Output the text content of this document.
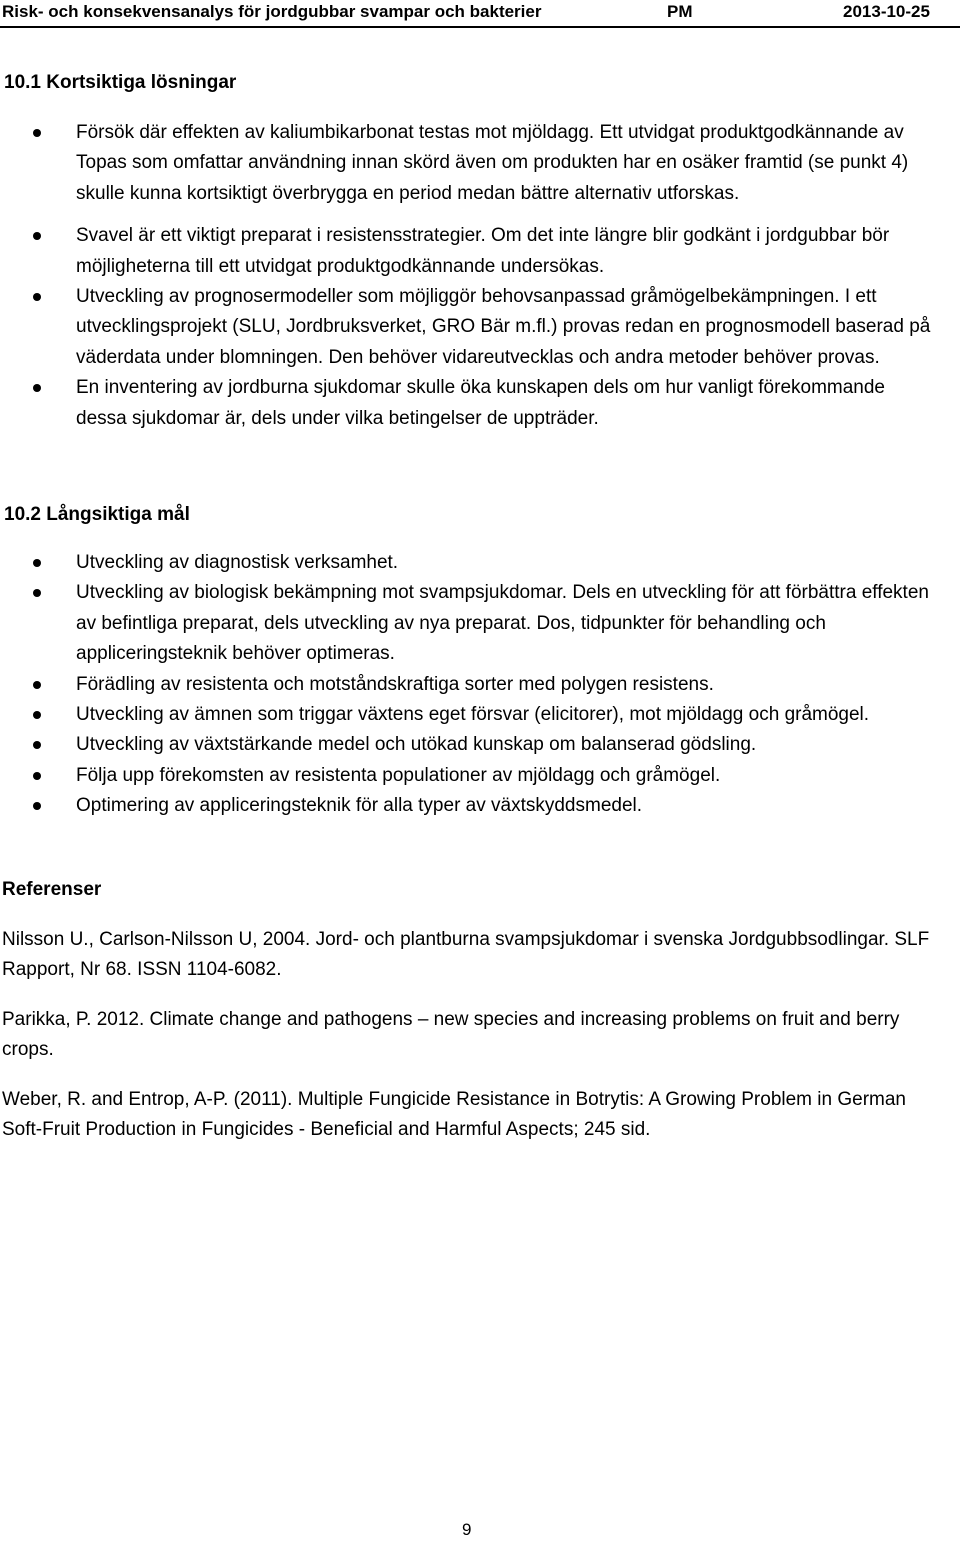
Risk- och konsekvensanalys för jordgubbar svampar och bakterier	PM	2013-10-25
10.1 Kortsiktiga lösningar
Försök där effekten av kaliumbikarbonat testas mot mjöldagg. Ett utvidgat produktgodkännande av Topas som omfattar användning innan skörd även om produkten har en osäker framtid (se punkt 4) skulle kunna kortsiktigt överbrygga en period medan bättre alternativ utforskas.
Svavel är ett viktigt preparat i resistensstrategier. Om det inte längre blir godkänt i jordgubbar bör möjligheterna till ett utvidgat produktgodkännande undersökas.
Utveckling av prognosermodeller som möjliggör behovsanpassad gråmögelbekämpningen. I ett utvecklingsprojekt (SLU, Jordbruksverket, GRO Bär m.fl.) provas redan en prognosmodell baserad på väderdata under blomningen. Den behöver vidareutvecklas och andra metoder behöver provas.
En inventering av jordburna sjukdomar skulle öka kunskapen dels om hur vanligt förekommande dessa sjukdomar är, dels under vilka betingelser de uppträder.
10.2 Långsiktiga mål
Utveckling av diagnostisk verksamhet.
Utveckling av biologisk bekämpning mot svampsjukdomar. Dels en utveckling för att förbättra effekten av befintliga preparat, dels utveckling av nya preparat. Dos, tidpunkter för behandling och appliceringsteknik behöver optimeras.
Förädling av resistenta och motståndskraftiga sorter med polygen resistens.
Utveckling av ämnen som triggar växtens eget försvar (elicitorer), mot mjöldagg och gråmögel.
Utveckling av växtstärkande medel och utökad kunskap om balanserad gödsling.
Följa upp förekomsten av resistenta populationer av mjöldagg och gråmögel.
Optimering av appliceringsteknik för alla typer av växtskyddsmedel.
Referenser

Nilsson U., Carlson-Nilsson U, 2004. Jord- och plantburna svampsjukdomar i svenska Jordgubbsodlingar. SLF Rapport, Nr 68. ISSN 1104-6082.

Parikka, P. 2012. Climate change and pathogens – new species and increasing problems on fruit and berry crops.

Weber, R. and Entrop, A-P. (2011). Multiple Fungicide Resistance in Botrytis: A Growing Problem in German Soft-Fruit Production in Fungicides - Beneficial and Harmful Aspects; 245 sid.

9
